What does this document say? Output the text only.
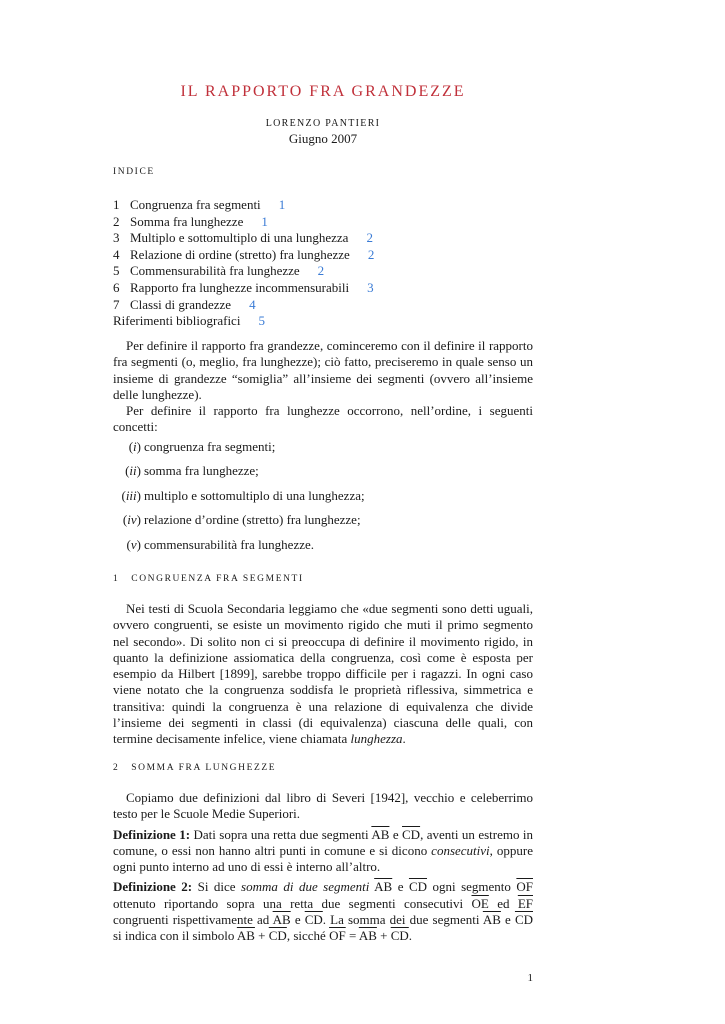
IL RAPPORTO FRA GRANDEZZE
LORENZO PANTIERI
Giugno 2007
INDICE
1 Congruenza fra segmenti 1
2 Somma fra lunghezze 1
3 Multiplo e sottomultiplo di una lunghezza 2
4 Relazione di ordine (stretto) fra lunghezze 2
5 Commensurabilità fra lunghezze 2
6 Rapporto fra lunghezze incommensurabili 3
7 Classi di grandezze 4
Riferimenti bibliografici 5

Per definire il rapporto fra grandezze, cominceremo con il definire il rapporto fra segmenti (o, meglio, fra lunghezze); ciò fatto, preciseremo in quale senso un insieme di grandezze “somiglia” all’insieme dei segmenti (ovvero all’insieme delle lunghezze).

Per definire il rapporto fra lunghezze occorrono, nell’ordine, i seguenti concetti:

(i) congruenza fra segmenti;
(ii) somma fra lunghezze;
(iii) multiplo e sottomultiplo di una lunghezza;
(iv) relazione d’ordine (stretto) fra lunghezze;
(v) commensurabilità fra lunghezze.
1   CONGRUENZA FRA SEGMENTI

Nei testi di Scuola Secondaria leggiamo che «due segmenti sono detti uguali, ovvero congruenti, se esiste un movimento rigido che muti il primo segmento nel secondo». Di solito non ci si preoccupa di definire il movimento rigido, in quanto la definizione assiomatica della congruenza, così come è esposta per esempio da Hilbert [1899], sarebbe troppo difficile per i ragazzi. In ogni caso viene notato che la congruenza soddisfa le proprietà riflessiva, simmetrica e transitiva: quindi la congruenza è una relazione di equivalenza che divide l’insieme dei segmenti in classi (di equivalenza) ciascuna delle quali, con termine decisamente infelice, viene chiamata lunghezza.

2   SOMMA FRA LUNGHEZZE

Copiamo due definizioni dal libro di Severi [1942], vecchio e celeberrimo testo per le Scuole Medie Superiori.

Definizione 1: Dati sopra una retta due segmenti $\overline{AB}$ e $\overline{CD}$, aventi un estremo in comune, o essi non hanno altri punti in comune e si dicono consecutivi, oppure ogni punto interno ad uno di essi è interno all’altro.

Definizione 2: Si dice somma di due segmenti $\overline{AB}$ e $\overline{CD}$ ogni segmento $\overline{OF}$ ottenuto riportando sopra una retta due segmenti consecutivi $\overline{OE}$ ed $\overline{EF}$ congruenti rispettivamente ad $\overline{AB}$ e $\overline{CD}$. La somma dei due segmenti $\overline{AB}$ e $\overline{CD}$ si indica con il simbolo $\overline{AB} + \overline{CD}$, sicché $\overline{OF} = \overline{AB} + \overline{CD}$.

1
